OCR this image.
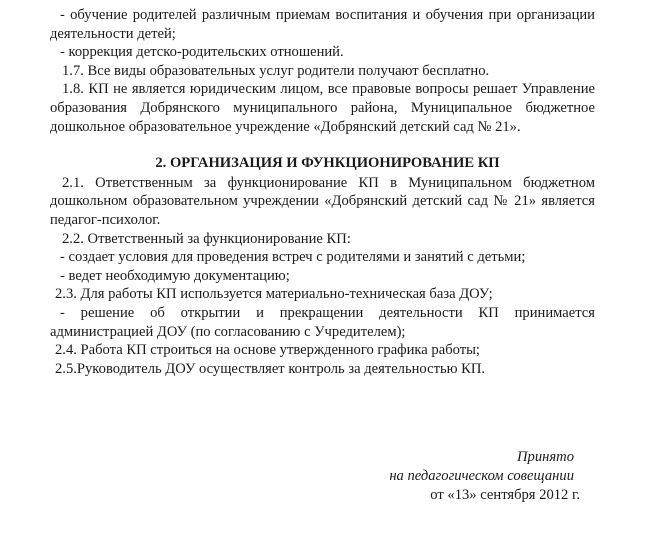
- обучение родителей различным приемам воспитания и обучения при организации деятельности детей;

- коррекция детско-родительских отношений.

1.7. Все виды образовательных услуг родители получают бесплатно.

1.8. КП не является юридическим лицом, все правовые вопросы решает Управление образования Добрянского муниципального района, Муниципальное бюджетное дошкольное образовательное учреждение «Добрянский детский сад № 21».

2. ОРГАНИЗАЦИЯ И ФУНКЦИОНИРОВАНИЕ КП

2.1. Ответственным за функционирование КП в Муниципальном бюджетном дошкольном образовательном учреждении «Добрянский детский сад № 21» является педагог-психолог.

2.2. Ответственный за функционирование КП:

- создает условия для проведения встреч с родителями и занятий с детьми;

- ведет необходимую документацию;

2.3. Для работы КП используется материально-техническая база ДОУ;

- решение об открытии и прекращении деятельности КП принимается администрацией ДОУ (по согласованию с Учредителем);

2.4. Работа КП строиться на основе утвержденного графика работы;

2.5.Руководитель ДОУ осуществляет контроль за деятельностью КП.

Принято
на педагогическом совещании
от «13» сентября 2012 г.
